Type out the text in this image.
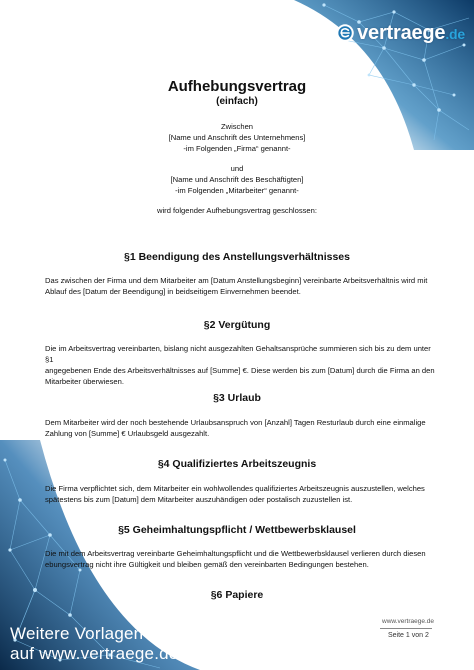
vertraege.de
Aufhebungsvertrag
(einfach)
Zwischen
[Name und Anschrift des Unternehmens]
-im Folgenden „Firma“ genannt-
und
[Name und Anschrift des Beschäftigten]
-im Folgenden „Mitarbeiter“ genannt-
wird folgender Aufhebungsvertrag geschlossen:
§1 Beendigung des Anstellungsverhältnisses
Das zwischen der Firma und dem Mitarbeiter am [Datum Anstellungsbeginn] vereinbarte Arbeitsverhältnis wird mit
Ablauf des [Datum der Beendigung] in beidseitigem Einvernehmen beendet.
§2 Vergütung
Die im Arbeitsvertrag vereinbarten, bislang nicht ausgezahlten Gehaltsansprüche summieren sich bis zu dem unter §1
angegebenen Ende des Arbeitsverhältnisses auf [Summe] €. Diese werden bis zum [Datum] durch die Firma an den
Mitarbeiter überwiesen.
§3 Urlaub
Dem Mitarbeiter wird der noch bestehende Urlaubsanspruch von [Anzahl] Tagen Resturlaub durch eine einmalige
Zahlung von [Summe] € Urlaubsgeld ausgezahlt.
§4 Qualifiziertes Arbeitszeugnis
Die Firma verpflichtet sich, dem Mitarbeiter ein wohlwollendes qualifiziertes Arbeitszeugnis auszustellen, welches
spätestens bis zum [Datum] dem Mitarbeiter auszuhändigen oder postalisch zuzustellen ist.
§5 Geheimhaltungspflicht / Wettbewerbsklausel
Die mit dem Arbeitsvertrag vereinbarte Geheimhaltungspflicht und die Wettbewerbsklausel verlieren durch diesen
ebungsvertrag nicht ihre Gültigkeit und bleiben gemäß den vereinbarten Bedingungen bestehen.
§6 Papiere
www.vertraege.de
Seite 1 von 2
Weitere Vorlagen
auf www.vertraege.de
